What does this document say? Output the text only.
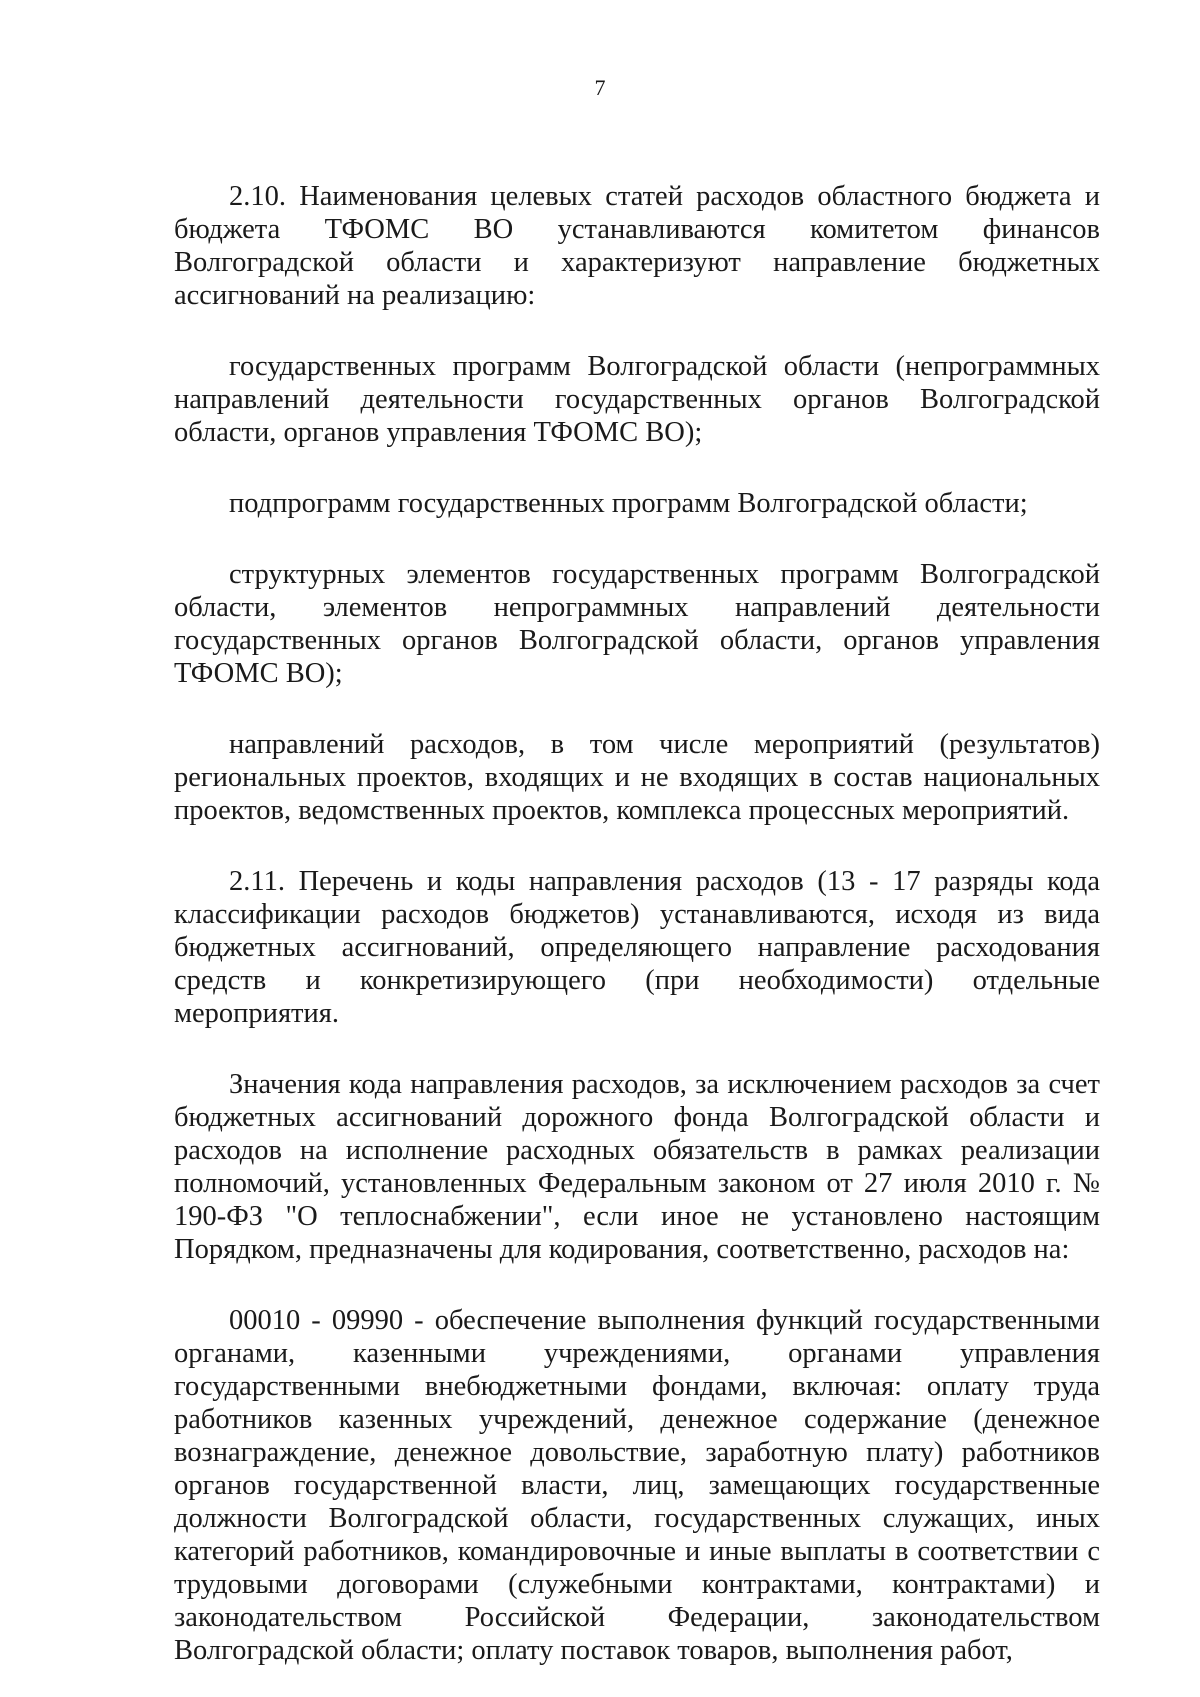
7

2.10. Наименования целевых статей расходов областного бюджета и бюджета ТФОМС ВО устанавливаются комитетом финансов Волгоградской области и характеризуют направление бюджетных ассигнований на реализацию:

государственных программ Волгоградской области (непрограммных направлений деятельности государственных органов Волгоградской области, органов управления ТФОМС ВО);

подпрограмм государственных программ Волгоградской области;

структурных элементов государственных программ Волгоградской области, элементов непрограммных направлений деятельности государственных органов Волгоградской области, органов управления ТФОМС ВО);

направлений расходов, в том числе мероприятий (результатов) региональных проектов, входящих и не входящих в состав национальных проектов, ведомственных проектов, комплекса процессных мероприятий.

2.11. Перечень и коды направления расходов (13 - 17 разряды кода классификации расходов бюджетов) устанавливаются, исходя из вида бюджетных ассигнований, определяющего направление расходования средств и конкретизирующего (при необходимости) отдельные мероприятия.

Значения кода направления расходов, за исключением расходов за счет бюджетных ассигнований дорожного фонда Волгоградской области и расходов на исполнение расходных обязательств в рамках реализации полномочий, установленных Федеральным законом от 27 июля 2010 г. № 190-ФЗ "О теплоснабжении", если иное не установлено настоящим Порядком, предназначены для кодирования, соответственно, расходов на:

00010 - 09990 - обеспечение выполнения функций государственными органами, казенными учреждениями, органами управления государственными внебюджетными фондами, включая: оплату труда работников казенных учреждений, денежное содержание (денежное вознаграждение, денежное довольствие, заработную плату) работников органов государственной власти, лиц, замещающих государственные должности Волгоградской области, государственных служащих, иных категорий работников, командировочные и иные выплаты в соответствии с трудовыми договорами (служебными контрактами, контрактами) и законодательством Российской Федерации, законодательством Волгоградской области; оплату поставок товаров, выполнения работ,
